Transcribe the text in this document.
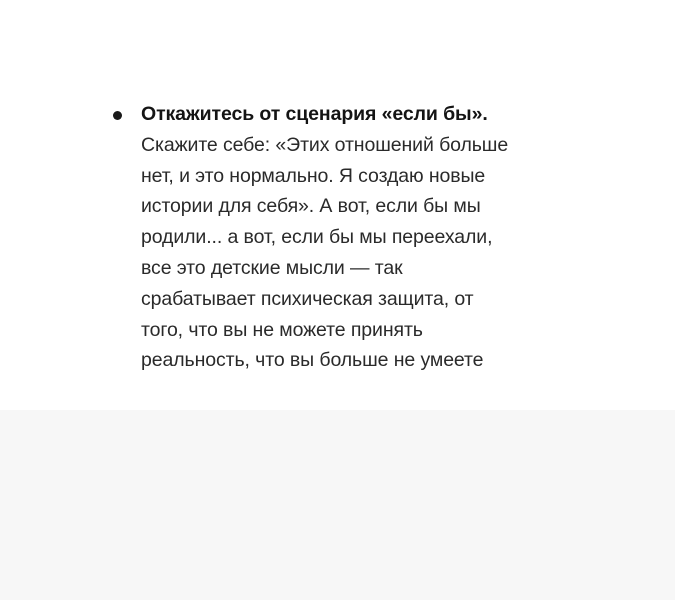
Откажитесь от сценария «если бы».
Скажите себе: «Этих отношений больше
нет, и это нормально. Я создаю новые
истории для себя». А вот, если бы мы
родили... а вот, если бы мы переехали,
все это детские мысли — так
срабатывает психическая защита, от
того, что вы не можете принять
реальность, что вы больше не умеете
